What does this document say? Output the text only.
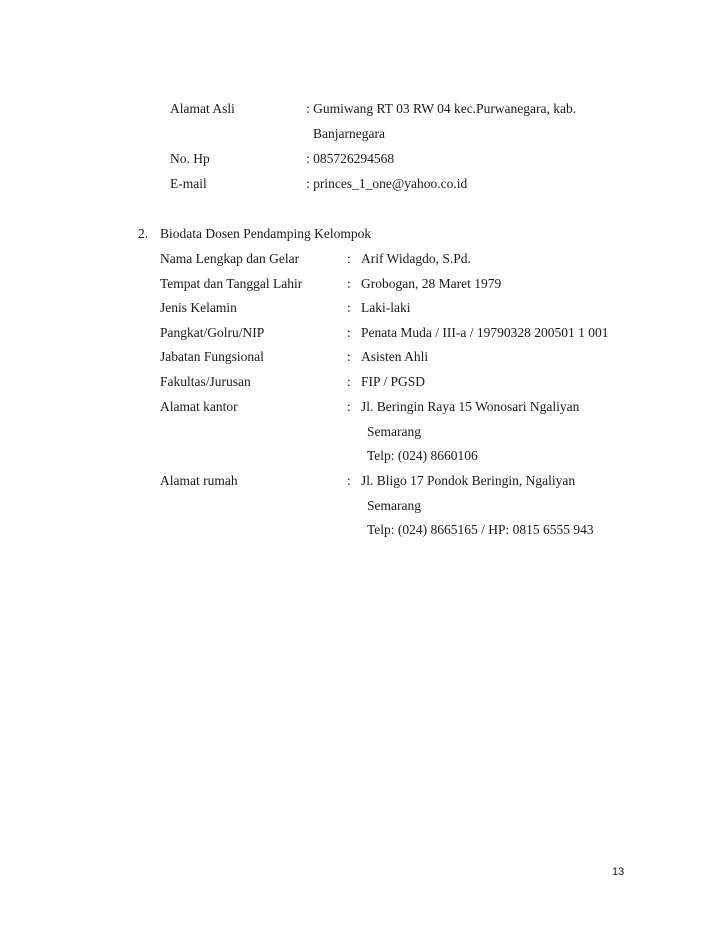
Alamat Asli	: Gumiwang RT 03 RW 04 kec.Purwanegara, kab.
Banjarnegara
No. Hp	: 085726294568
E-mail	: princes_1_one@yahoo.co.id
2. Biodata Dosen Pendamping Kelompok
Nama Lengkap dan Gelar	: Arif Widagdo, S.Pd.
Tempat dan Tanggal Lahir	: Grobogan, 28 Maret 1979
Jenis Kelamin	: Laki-laki
Pangkat/Golru/NIP	: Penata Muda / III-a / 19790328 200501 1 001
Jabatan Fungsional	: Asisten Ahli
Fakultas/Jurusan	: FIP / PGSD
Alamat kantor	: Jl. Beringin Raya 15 Wonosari Ngaliyan
Semarang
Telp: (024) 8660106
Alamat rumah	: Jl. Bligo 17 Pondok Beringin, Ngaliyan
Semarang
Telp: (024) 8665165 / HP: 0815 6555 943
13
